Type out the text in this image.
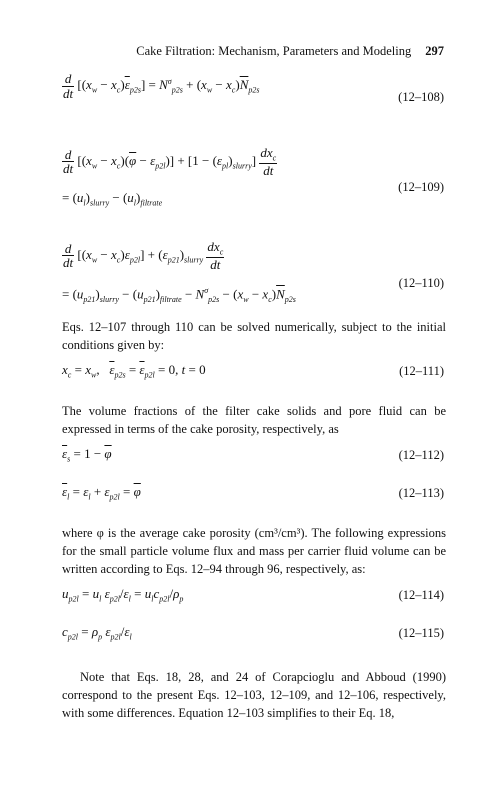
Cake Filtration: Mechanism, Parameters and Modeling 297
$\frac{d}{dt} [(x_w - x_c)\overline{\varepsilon}_{p2s}] = N^\sigma_{p2s} + (x_w - x_c)\overline{N}_{p2s}$	(12–108)
$\frac{d}{dt} [(x_w - x_c)(\overline{\varphi} - \varepsilon_{p2l})] + [1 - (\varepsilon_{pl})_{slurry}] \frac{dx_c}{dt}$
= $(u_l)_{slurry} - (u_l)_{filtrate}$
(12–109)
$\frac{d}{dt} [(x_w - x_c)\varepsilon_{p2l}] + (\varepsilon_{p21})_{slurry} \frac{dx_c}{dt}$
= $(u_{p21})_{slurry} - (u_{p21})_{filtrate} - N^\sigma_{p2s} - (x_w - x_c)\overline{N}_{p2s}$
(12–110)
Eqs. 12–107 through 110 can be solved numerically, subject to the initial conditions given by:
$x_c = x_w$,   $\overline{\varepsilon}_{p2s} = \overline{\varepsilon}_{p2l} = 0$, t = 0	(12–111)
The volume fractions of the filter cake solids and pore fluid can be expressed in terms of the cake porosity, respectively, as
$\overline{\varepsilon}_s = 1 - \overline{\varphi}$	(12–112)
$\overline{\varepsilon}_l = \varepsilon_l + \varepsilon_{p2l} = \overline{\varphi}$	(12–113)
where φ is the average cake porosity (cm³/cm³). The following expressions for the small particle volume flux and mass per carrier fluid volume can be written according to Eqs. 12–94 through 96, respectively, as:
$u_{p2l} = u_l$ $\varepsilon_{p2l}/\varepsilon_l = u_lc_{p2l}/\rho_p$	(12–114)
$c_{p2l} = \rho_p$ $\varepsilon_{p2l}/\varepsilon_l$	(12–115)
Note that Eqs. 18, 28, and 24 of Corapcioglu and Abboud (1990) correspond to the present Eqs. 12–103, 12–109, and 12–106, respectively, with some differences. Equation 12–103 simplifies to their Eq. 18,
